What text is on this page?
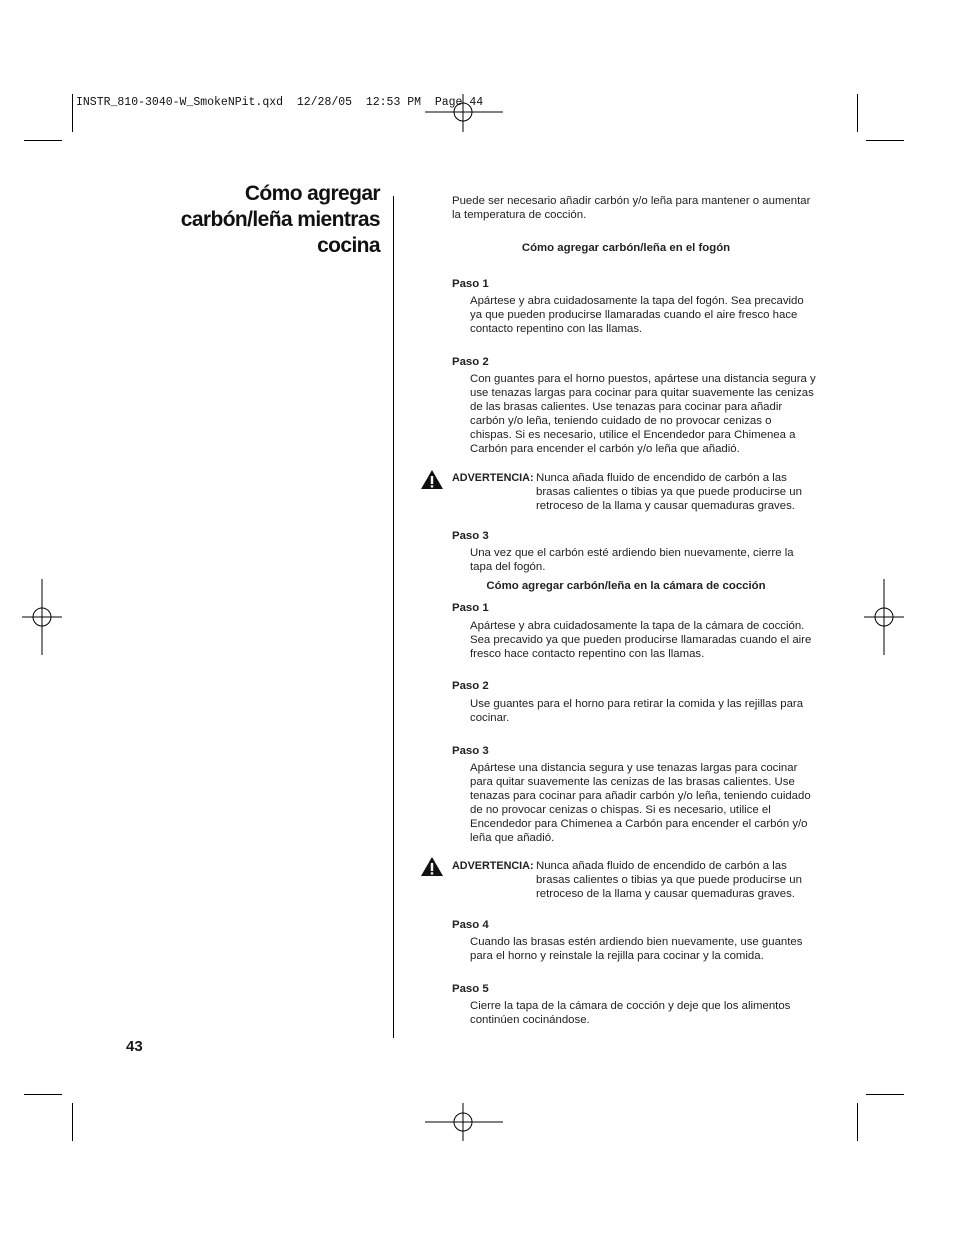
INSTR_810-3040-W_SmokeNPit.qxd  12/28/05  12:53 PM  Page 44
Cómo agregar
carbón/leña mientras
cocina
43
Puede ser necesario añadir carbón y/o leña para mantener o aumentar
la temperatura de cocción.
Cómo agregar carbón/leña en el fogón
Paso 1
Apártese y abra cuidadosamente la tapa del fogón. Sea precavido
ya que pueden producirse llamaradas cuando el aire fresco hace
contacto repentino con las llamas.
Paso 2
Con guantes para el horno puestos, apártese una distancia segura y
use tenazas largas para cocinar para quitar suavemente las cenizas
de las brasas calientes. Use tenazas para cocinar para añadir
carbón y/o leña, teniendo cuidado de no provocar cenizas o
chispas. Si es necesario, utilice el Encendedor para Chimenea a
Carbón para encender el carbón y/o leña que añadió.
ADVERTENCIA: Nunca añada fluido de encendido de carbón a las
brasas calientes o tibias ya que puede producirse un
retroceso de la llama y causar quemaduras graves.
Paso 3
Una vez que el carbón esté ardiendo bien nuevamente, cierre la
tapa del fogón.
Cómo agregar carbón/leña en la cámara de cocción
Paso 1
Apártese y abra cuidadosamente la tapa de la cámara de cocción.
Sea precavido ya que pueden producirse llamaradas cuando el aire
fresco hace contacto repentino con las llamas.
Paso 2
Use guantes para el horno para retirar la comida y las rejillas para
cocinar.
Paso 3
Apártese una distancia segura y use tenazas largas para cocinar
para quitar suavemente las cenizas de las brasas calientes. Use
tenazas para cocinar para añadir carbón y/o leña, teniendo cuidado
de no provocar cenizas o chispas. Si es necesario, utilice el
Encendedor para Chimenea a Carbón para encender el carbón y/o
leña que añadió.
ADVERTENCIA: Nunca añada fluido de encendido de carbón a las
brasas calientes o tibias ya que puede producirse un
retroceso de la llama y causar quemaduras graves.
Paso 4
Cuando las brasas estén ardiendo bien nuevamente, use guantes
para el horno y reinstale la rejilla para cocinar y la comida.
Paso 5
Cierre la tapa de la cámara de cocción y deje que los alimentos
continúen cocinándose.
